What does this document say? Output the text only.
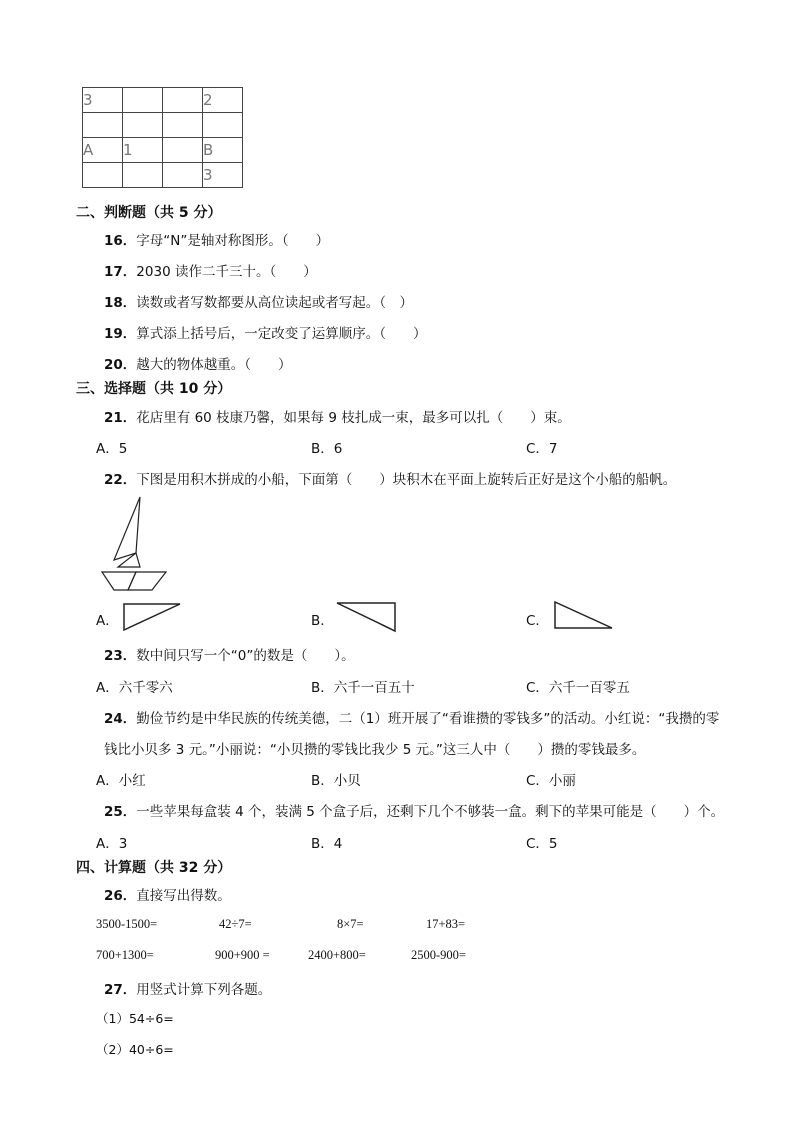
3			2

A	1		B
			3
二、判断题（共 5 分）
16．字母“N”是轴对称图形。（　　）
17．2030 读作二千三十。（　　）
18．读数或者写数都要从高位读起或者写起。（　）
19．算式添上括号后，一定改变了运算顺序。（　　）
20．越大的物体越重。（　　）
三、选择题（共 10 分）
21．花店里有 60 枝康乃馨，如果每 9 枝扎成一束，最多可以扎（　　）束。
A．5	B．6	C．7
22．下图是用积木拼成的小船，下面第（　　）块积木在平面上旋转后正好是这个小船的船帆。
A．	B．	C．
23．数中间只写一个“0”的数是（　　）。
A．六千零六	B．六千一百五十	C．六千一百零五
24．勤俭节约是中华民族的传统美德，二（1）班开展了“看谁攒的零钱多”的活动。小红说：“我攒的零
钱比小贝多 3 元。”小丽说：“小贝攒的零钱比我少 5 元。”这三人中（　　）攒的零钱最多。
A．小红	B．小贝	C．小丽
25．一些苹果每盒装 4 个，装满 5 个盒子后，还剩下几个不够装一盒。剩下的苹果可能是（　　）个。
A．3	B．4	C．5
四、计算题（共 32 分）
26．直接写出得数。
3500-1500=	42÷7=	8×7=	17+83=
700+1300=	900+900 =	2400+800=	2500-900=
27．用竖式计算下列各题。
（1）54÷6=
（2）40÷6=
